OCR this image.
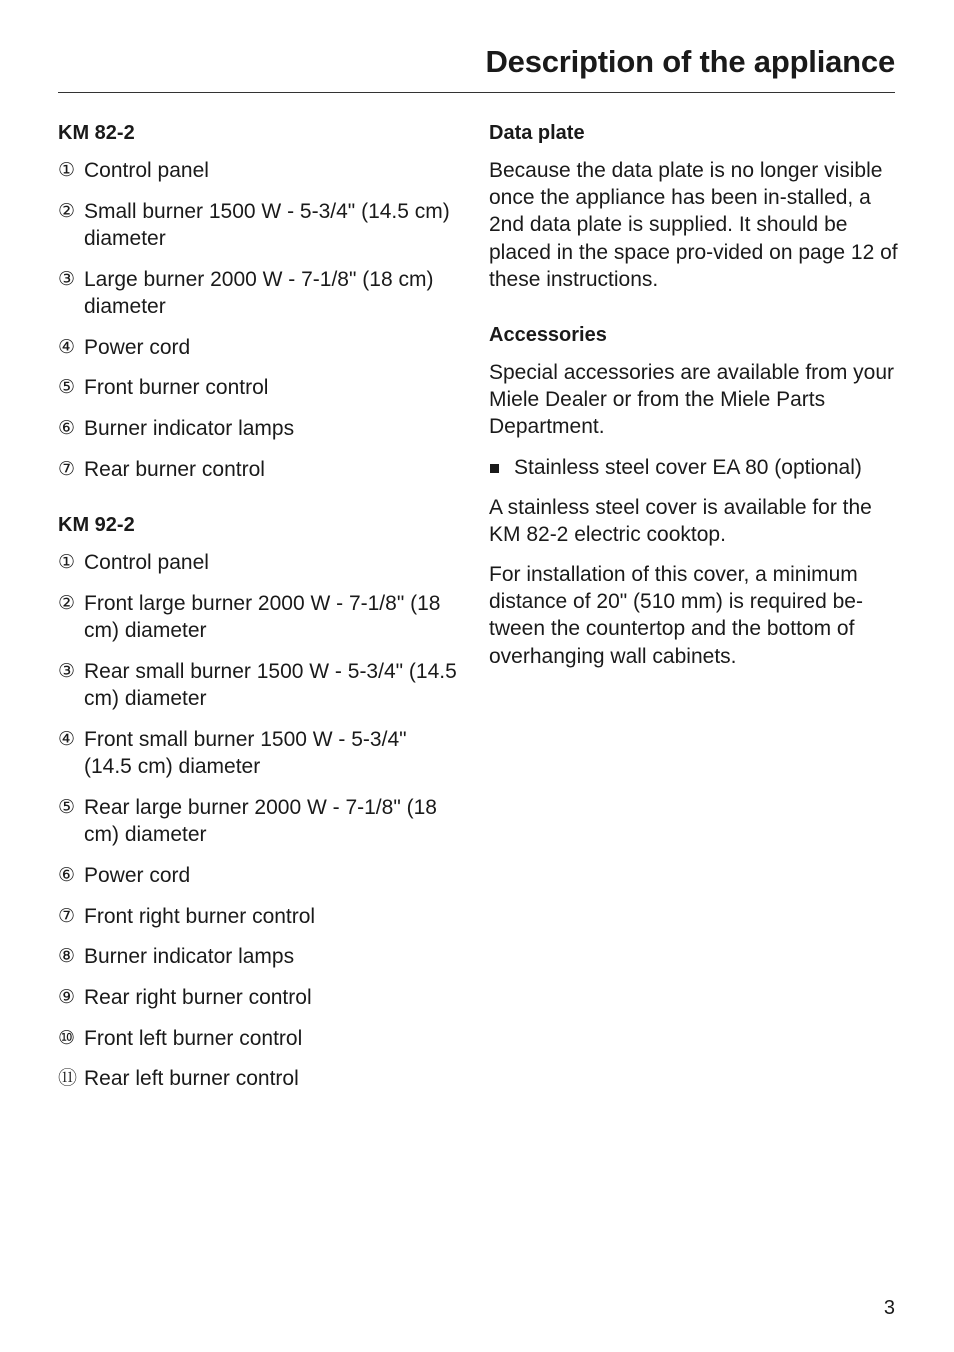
Description of the appliance
KM 82-2
① Control panel
② Small burner 1500 W - 5-3/4" (14.5 cm) diameter
③ Large burner 2000 W - 7-1/8" (18 cm) diameter
④ Power cord
⑤ Front burner control
⑥ Burner indicator lamps
⑦ Rear burner control
KM 92-2
① Control panel
② Front large burner 2000 W - 7-1/8" (18 cm) diameter
③ Rear small burner 1500 W - 5-3/4" (14.5 cm) diameter
④ Front small burner 1500 W - 5-3/4" (14.5 cm) diameter
⑤ Rear large burner 2000 W - 7-1/8" (18 cm) diameter
⑥ Power cord
⑦ Front right burner control
⑧ Burner indicator lamps
⑨ Rear right burner control
⑩ Front left burner control
⑪ Rear left burner control
Data plate

Because the data plate is no longer visible once the appliance has been in-stalled, a 2nd data plate is supplied. It should be placed in the space pro-vided on page 12 of these instructions.

Accessories

Special accessories are available from your Miele Dealer or from the Miele Parts Department.

Stainless steel cover EA 80 (optional)

A stainless steel cover is available for the KM 82-2 electric cooktop.

For installation of this cover, a minimum distance of 20" (510 mm) is required be-tween the countertop and the bottom of overhanging wall cabinets.

3
